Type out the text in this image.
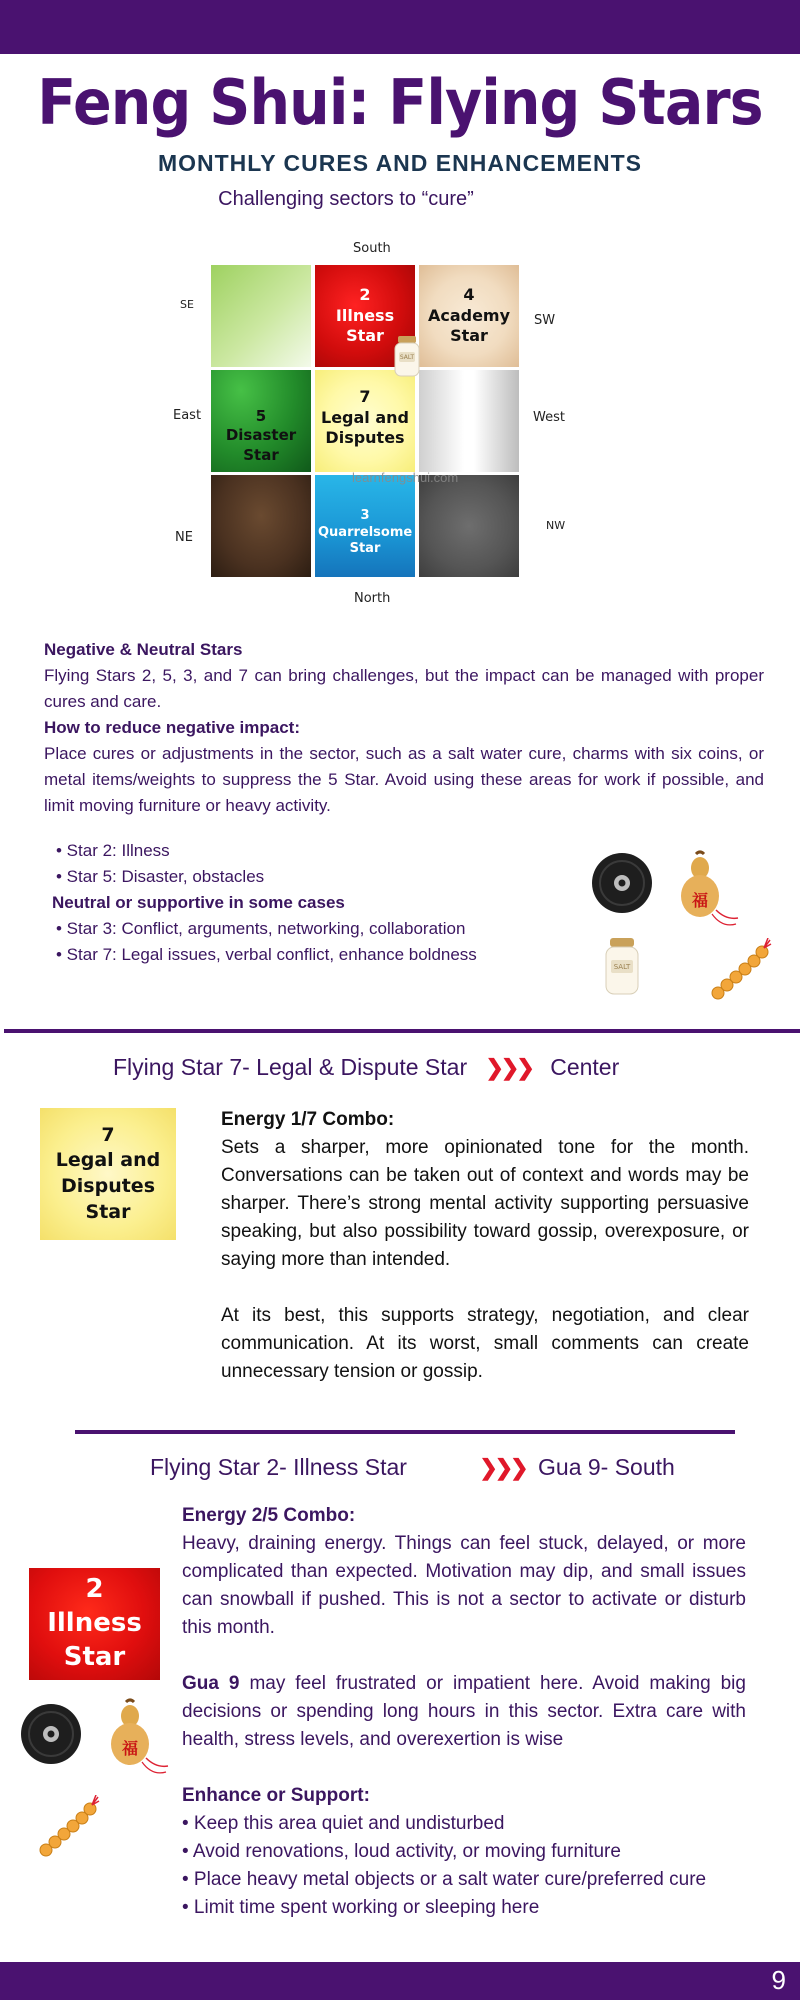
Feng Shui: Flying Stars
MONTHLY CURES AND ENHANCEMENTS
Challenging sectors to “cure”
South
North
SE
SW
East	West
NE
NW
2
Illness Star
4
Academy Star
5
Disaster Star
7
Legal and Disputes
3
Quarrelsome Star
learnfengshui.com
SALT
Negative & Neutral Stars
Flying Stars 2, 5, 3, and 7 can bring challenges, but the impact can be managed with proper cures and care.
How to reduce negative impact:
Place cures or adjustments in the sector, such as a salt water cure, charms with six coins, or metal items/weights to suppress the 5 Star. Avoid using these areas for work if possible, and limit moving furniture or heavy activity.
• Star 2: Illness
• Star 5: Disaster, obstacles
Neutral or supportive in some cases
• Star 3: Conflict, arguments, networking, collaboration
• Star 7: Legal issues, verbal conflict, enhance boldness
福
SALT
Flying Star 7- Legal & Dispute Star ❯❯❯ Center
7
Legal and Disputes Star
Energy 1/7 Combo:
Sets a sharper, more opinionated tone for the month. Conversations can be taken out of context and words may be sharper. There’s strong mental activity supporting persuasive speaking, but also possibility toward gossip, overexposure, or saying more than intended.
At its best, this supports strategy, negotiation, and clear communication. At its worst, small comments can create unnecessary tension or gossip.
Flying Star 2- Illness Star	❯❯❯ Gua 9- South
2
Illness Star
福
Energy 2/5 Combo:
Heavy, draining energy. Things can feel stuck, delayed, or more complicated than expected. Motivation may dip, and small issues can snowball if pushed. This is not a sector to activate or disturb this month.
Gua 9 may feel frustrated or impatient here. Avoid making big decisions or spending long hours in this sector. Extra care with health, stress levels, and overexertion is wise
Enhance or Support:
• Keep this area quiet and undisturbed
• Avoid renovations, loud activity, or moving furniture
• Place heavy metal objects or a salt water cure/preferred cure
• Limit time spent working or sleeping here
9
